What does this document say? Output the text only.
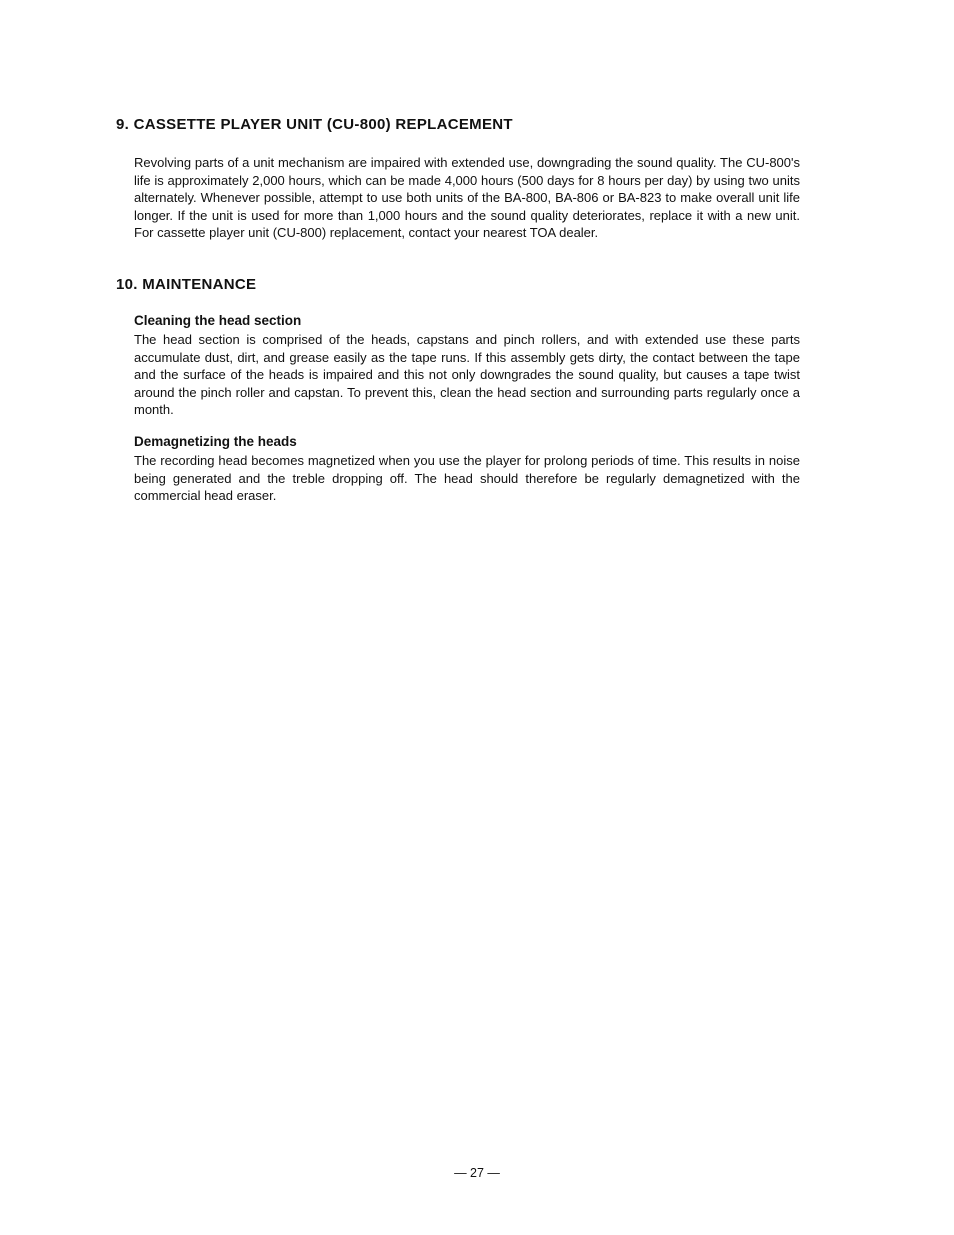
9. CASSETTE PLAYER UNIT (CU-800) REPLACEMENT

Revolving parts of a unit mechanism are impaired with extended use, downgrading the sound quality. The CU-800's life is approximately 2,000 hours, which can be made 4,000 hours (500 days for 8 hours per day) by using two units alternately. Whenever possible, attempt to use both units of the BA-800, BA-806 or BA-823 to make overall unit life longer. If the unit is used for more than 1,000 hours and the sound quality deteriorates, replace it with a new unit. For cassette player unit (CU-800) replacement, contact your nearest TOA dealer.

10. MAINTENANCE
Cleaning the head section

The head section is comprised of the heads, capstans and pinch rollers, and with extended use these parts accumulate dust, dirt, and grease easily as the tape runs. If this assembly gets dirty, the contact between the tape and the surface of the heads is impaired and this not only downgrades the sound quality, but causes a tape twist around the pinch roller and capstan. To prevent this, clean the head section and surrounding parts regularly once a month.

Demagnetizing the heads

The recording head becomes magnetized when you use the player for prolong periods of time. This results in noise being generated and the treble dropping off. The head should therefore be regularly demagnetized with the commercial head eraser.

— 27 —
